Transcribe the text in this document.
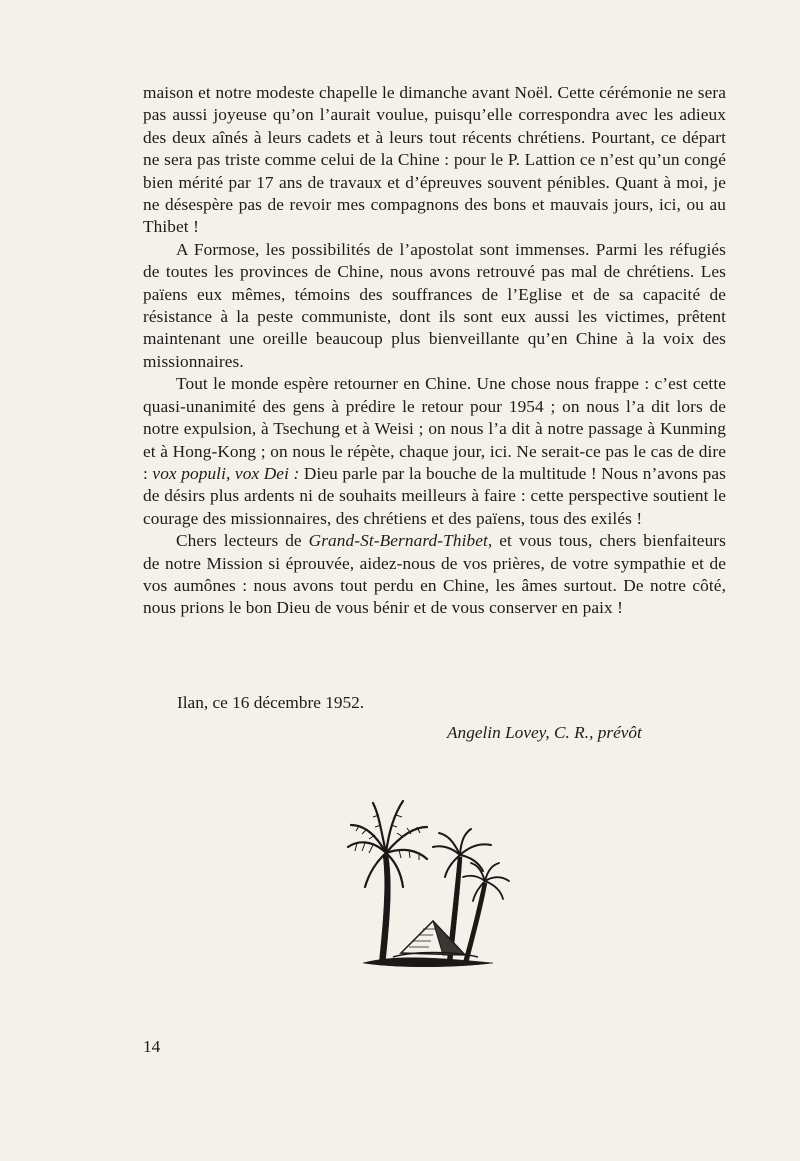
maison et notre modeste chapelle le dimanche avant Noël. Cette cérémonie ne sera pas aussi joyeuse qu’on l’aurait voulue, puisqu’elle correspondra avec les adieux des deux aînés à leurs cadets et à leurs tout récents chrétiens. Pourtant, ce départ ne sera pas triste comme celui de la Chine : pour le P. Lattion ce n’est qu’un congé bien mérité par 17 ans de travaux et d’épreuves souvent pénibles. Quant à moi, je ne désespère pas de revoir mes compagnons des bons et mauvais jours, ici, ou au Thibet !

A Formose, les possibilités de l’apostolat sont immenses. Parmi les réfugiés de toutes les provinces de Chine, nous avons retrouvé pas mal de chrétiens. Les païens eux mêmes, témoins des souffrances de l’Eglise et de sa capacité de résistance à la peste communiste, dont ils sont eux aussi les victimes, prêtent maintenant une oreille beaucoup plus bienveillante qu’en Chine à la voix des missionnaires.

Tout le monde espère retourner en Chine. Une chose nous frappe : c’est cette quasi-unanimité des gens à prédire le retour pour 1954 ; on nous l’a dit lors de notre expulsion, à Tsechung et à Weisi ; on nous l’a dit à notre passage à Kunming et à Hong-Kong ; on nous le répète, chaque jour, ici. Ne serait-ce pas le cas de dire : vox populi, vox Dei : Dieu parle par la bouche de la multitude ! Nous n’avons pas de désirs plus ardents ni de souhaits meilleurs à faire : cette perspective soutient le courage des missionnaires, des chrétiens et des païens, tous des exilés !

Chers lecteurs de Grand-St-Bernard-Thibet, et vous tous, chers bienfaiteurs de notre Mission si éprouvée, aidez-nous de vos prières, de votre sympathie et de vos aumônes : nous avons tout perdu en Chine, les âmes surtout. De notre côté, nous prions le bon Dieu de vous bénir et de vous conserver en paix !

Ilan, ce 16 décembre 1952.
Angelin Lovey, C. R., prévôt
14
